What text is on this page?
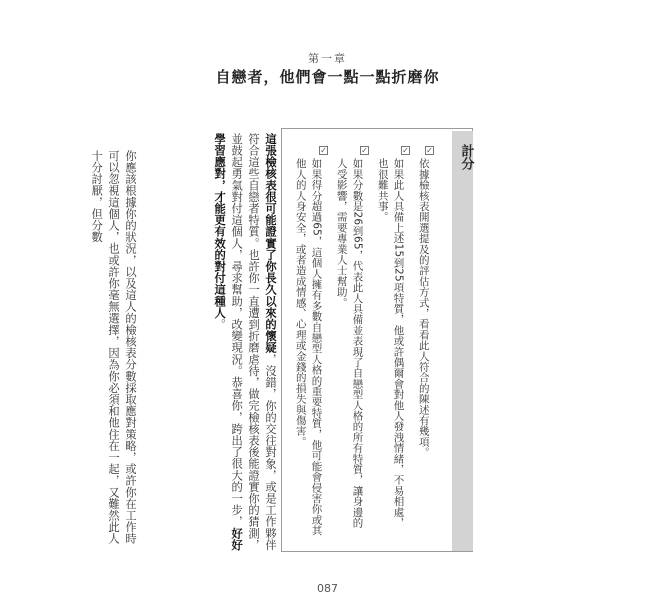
第一章
自戀者，他們會一點一點折磨你
計分
✓
✓
✓
✓
依據檢核表開選提及的評估方式，看看此人符合的陳述有幾項。
如果此人具備上述15到25項特質，他或許偶爾會對他人發洩情緒，不易相處，也很難共事。
如果分數是26到65，代表此人具備並表現了自戀型人格的所有特質，讓身邊的人受影響，需要專業人士幫助。
如果得分超過65，這個人擁有多數自戀型人格的重要特質，他可能會侵害你或其他人的人身安全，或者造成情感、心理或金錢的損失與傷害。
這張檢核表很可能證實了你長久以來的懷疑，沒錯，你的交往對象，或是工作夥伴符合這些自戀者特質。也許你一直遭到折磨虐待，做完檢核表後能證實你的猜測，並鼓起勇氣對付這個人，尋求幫助，改變現況。恭喜你，跨出了很大的一步，好好學習應對，才能更有效的對付這種人。
你應該根據你的狀況，以及這人的檢核表分數採取應對策略，或許你在工作時可以忽視這個人，也或許你毫無選擇，因為你必須和他住在一起，又難然此人十分討厭，但分數
087
